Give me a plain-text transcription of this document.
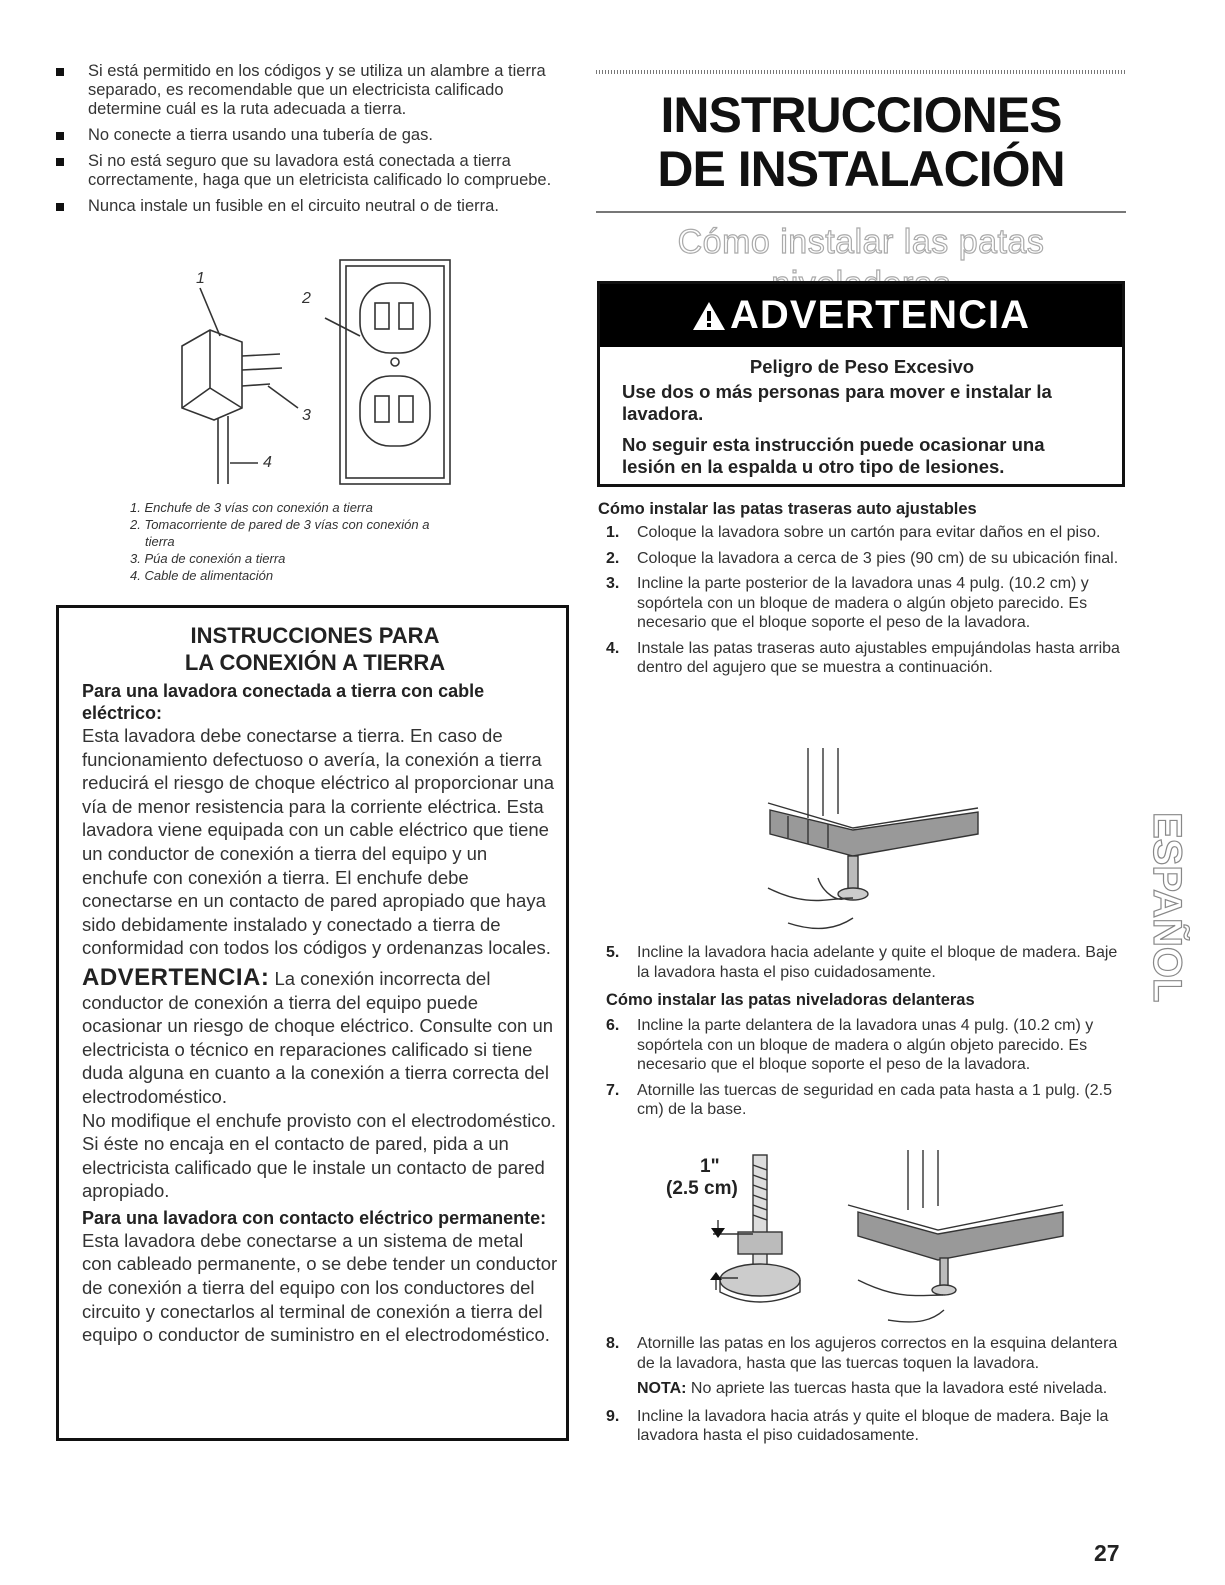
Si está permitido en los códigos y se utiliza un alambre a tierra separado, es recomendable que un electricista calificado determine cuál es la ruta adecuada a tierra.
No conecte a tierra usando una tubería de gas.
Si no está seguro que su lavadora está conectada a tierra correctamente, haga que un eletricista calificado lo compruebe.
Nunca instale un fusible en el circuito neutral o de tierra.
1
2
3
4
1. Enchufe de 3 vías con conexión a tierra
2. Tomacorriente de pared de 3 vías con conexión a
tierra
3. Púa de conexión a tierra
4. Cable de alimentación
INSTRUCCIONES PARA
LA CONEXIÓN A TIERRA
Para una lavadora conectada a tierra con cable eléctrico:

Esta lavadora debe conectarse a tierra. En caso de funcionamiento defectuoso o avería, la conexión a tierra reducirá el riesgo de choque eléctrico al proporcionar una vía de menor resistencia para la corriente eléctrica. Esta lavadora viene equipada con un cable eléctrico que tiene un conductor de conexión a tierra del equipo y un enchufe con conexión a tierra. El enchufe debe conectarse en un contacto de pared apropiado que haya sido debidamente instalado y conectado a tierra de conformidad con todos los códigos y ordenanzas locales.

ADVERTENCIA: La conexión incorrecta del conductor de conexión a tierra del equipo puede ocasionar un riesgo de choque eléctrico. Consulte con un electricista o técnico en reparaciones calificado si tiene duda alguna en cuanto a la conexión a tierra correcta del electrodoméstico.

No modifique el enchufe provisto con el electrodoméstico. Si éste no encaja en el contacto de pared, pida a un electricista calificado que le instale un contacto de pared apropiado.

Para una lavadora con contacto eléctrico permanente:

Esta lavadora debe conectarse a un sistema de metal con cableado permanente, o se debe tender un conductor de conexión a tierra del equipo con los conductores del circuito y conectarlos al terminal de conexión a tierra del equipo o conductor de suministro en el electrodoméstico.

INSTRUCCIONES
DE INSTALACIÓN
Cómo instalar las patas
ADVERTENCIA
Peligro de Peso Excesivo
Use dos o más personas para mover e instalar la lavadora.
No seguir esta instrucción puede ocasionar una lesión en la espalda u otro tipo de lesiones.
Cómo instalar las patas traseras auto ajustables
1. Coloque la lavadora sobre un cartón para evitar daños en el piso.
2. Coloque la lavadora a cerca de 3 pies (90 cm) de su ubicación final.
3. Incline la parte posterior de la lavadora unas 4 pulg. (10.2 cm) y sopórtela con un bloque de madera o algún objeto parecido. Es necesario que el bloque soporte el peso de la lavadora.
4. Instale las patas traseras auto ajustables empujándolas hasta arriba dentro del agujero que se muestra a continuación.
5. Incline la lavadora hacia adelante y quite el bloque de madera. Baje la lavadora hasta el piso cuidadosamente.
Cómo instalar las patas niveladoras delanteras
6. Incline la parte delantera de la lavadora unas 4 pulg. (10.2 cm) y sopórtela con un bloque de madera o algún objeto parecido. Es necesario que el bloque soporte el peso de la lavadora.
7. Atornille las tuercas de seguridad en cada pata hasta a 1 pulg. (2.5 cm) de la base.
1"
(2.5 cm)
8. Atornille las patas en los agujeros correctos en la esquina delantera de la lavadora, hasta que las tuercas toquen la lavadora.
NOTA: No apriete las tuercas hasta que la lavadora esté nivelada.
9. Incline la lavadora hacia atrás y quite el bloque de madera. Baje la lavadora hasta el piso cuidadosamente.
ESPAÑOL
27
